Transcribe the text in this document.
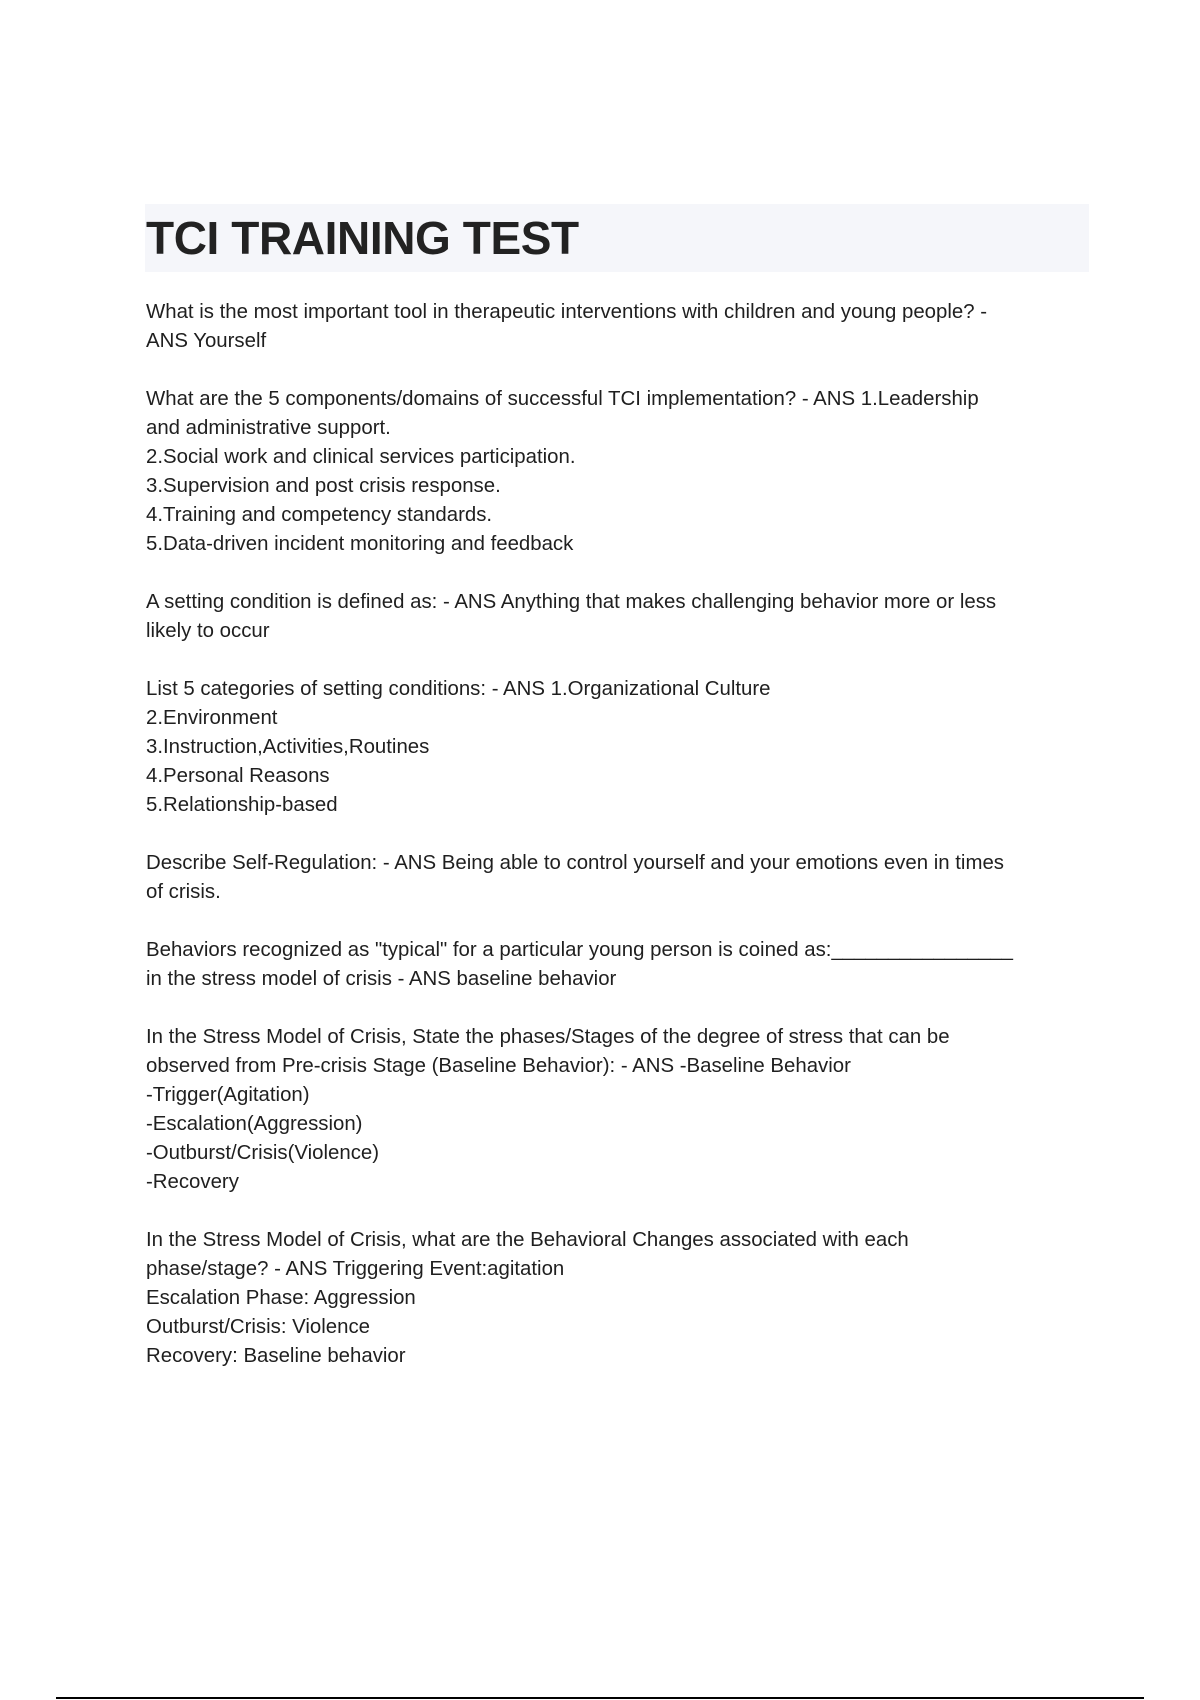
TCI TRAINING TEST

What is the most important tool in therapeutic interventions with children and young people? -
ANS Yourself

What are the 5 components/domains of successful TCI implementation? - ANS 1.Leadership
and administrative support.
2.Social work and clinical services participation.
3.Supervision and post crisis response.
4.Training and competency standards.
5.Data-driven incident monitoring and feedback

A setting condition is defined as: - ANS Anything that makes challenging behavior more or less
likely to occur

List 5 categories of setting conditions: - ANS 1.Organizational Culture
2.Environment
3.Instruction,Activities,Routines
4.Personal Reasons
5.Relationship-based

Describe Self-Regulation: - ANS Being able to control yourself and your emotions even in times
of crisis.

Behaviors recognized as "typical" for a particular young person is coined as:________________
in the stress model of crisis - ANS baseline behavior

In the Stress Model of Crisis, State the phases/Stages of the degree of stress that can be
observed from Pre-crisis Stage (Baseline Behavior): - ANS -Baseline Behavior
-Trigger(Agitation)
-Escalation(Aggression)
-Outburst/Crisis(Violence)
-Recovery

In the Stress Model of Crisis, what are the Behavioral Changes associated with each
phase/stage? - ANS Triggering Event:agitation
Escalation Phase: Aggression
Outburst/Crisis: Violence
Recovery: Baseline behavior
